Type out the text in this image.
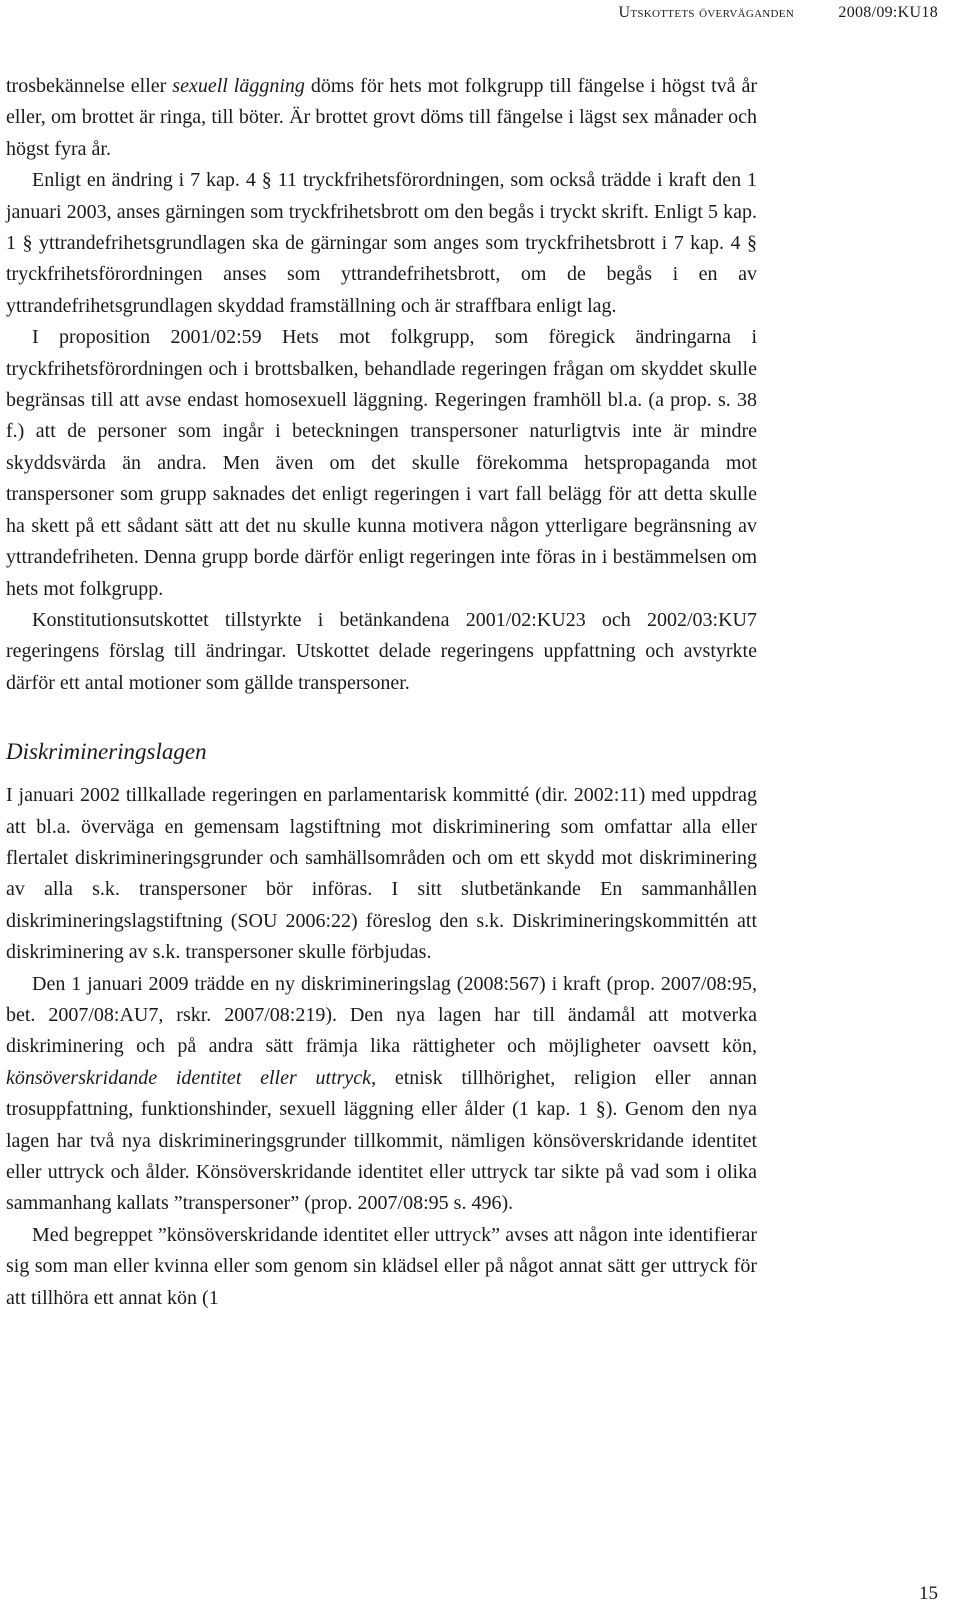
Utskottets överväganden	2008/09:KU18

trosbekännelse eller sexuell läggning döms för hets mot folkgrupp till fängelse i högst två år eller, om brottet är ringa, till böter. Är brottet grovt döms till fängelse i lägst sex månader och högst fyra år.

Enligt en ändring i 7 kap. 4 § 11 tryckfrihetsförordningen, som också trädde i kraft den 1 januari 2003, anses gärningen som tryckfrihetsbrott om den begås i tryckt skrift. Enligt 5 kap. 1 § yttrandefrihetsgrundlagen ska de gärningar som anges som tryckfrihetsbrott i 7 kap. 4 § tryckfrihetsförordningen anses som yttrandefrihetsbrott, om de begås i en av yttrandefrihetsgrundlagen skyddad framställning och är straffbara enligt lag.

I proposition 2001/02:59 Hets mot folkgrupp, som föregick ändringarna i tryckfrihetsförordningen och i brottsbalken, behandlade regeringen frågan om skyddet skulle begränsas till att avse endast homosexuell läggning. Regeringen framhöll bl.a. (a prop. s. 38 f.) att de personer som ingår i beteckningen transpersoner naturligtvis inte är mindre skyddsvärda än andra. Men även om det skulle förekomma hetspropaganda mot transpersoner som grupp saknades det enligt regeringen i vart fall belägg för att detta skulle ha skett på ett sådant sätt att det nu skulle kunna motivera någon ytterligare begränsning av yttrandefriheten. Denna grupp borde därför enligt regeringen inte föras in i bestämmelsen om hets mot folkgrupp.

Konstitutionsutskottet tillstyrkte i betänkandena 2001/02:KU23 och 2002/03:KU7 regeringens förslag till ändringar. Utskottet delade regeringens uppfattning och avstyrkte därför ett antal motioner som gällde transpersoner.

Diskrimineringslagen

I januari 2002 tillkallade regeringen en parlamentarisk kommitté (dir. 2002:11) med uppdrag att bl.a. överväga en gemensam lagstiftning mot diskriminering som omfattar alla eller flertalet diskrimineringsgrunder och samhällsområden och om ett skydd mot diskriminering av alla s.k. transpersoner bör införas. I sitt slutbetänkande En sammanhållen diskrimineringslagstiftning (SOU 2006:22) föreslog den s.k. Diskrimineringskommittén att diskriminering av s.k. transpersoner skulle förbjudas.

Den 1 januari 2009 trädde en ny diskrimineringslag (2008:567) i kraft (prop. 2007/08:95, bet. 2007/08:AU7, rskr. 2007/08:219). Den nya lagen har till ändamål att motverka diskriminering och på andra sätt främja lika rättigheter och möjligheter oavsett kön, könsöverskridande identitet eller uttryck, etnisk tillhörighet, religion eller annan trosuppfattning, funktionshinder, sexuell läggning eller ålder (1 kap. 1 §). Genom den nya lagen har två nya diskrimineringsgrunder tillkommit, nämligen könsöverskridande identitet eller uttryck och ålder. Könsöverskridande identitet eller uttryck tar sikte på vad som i olika sammanhang kallats ”transpersoner” (prop. 2007/08:95 s. 496).

Med begreppet ”könsöverskridande identitet eller uttryck” avses att någon inte identifierar sig som man eller kvinna eller som genom sin klädsel eller på något annat sätt ger uttryck för att tillhöra ett annat kön (1

15
